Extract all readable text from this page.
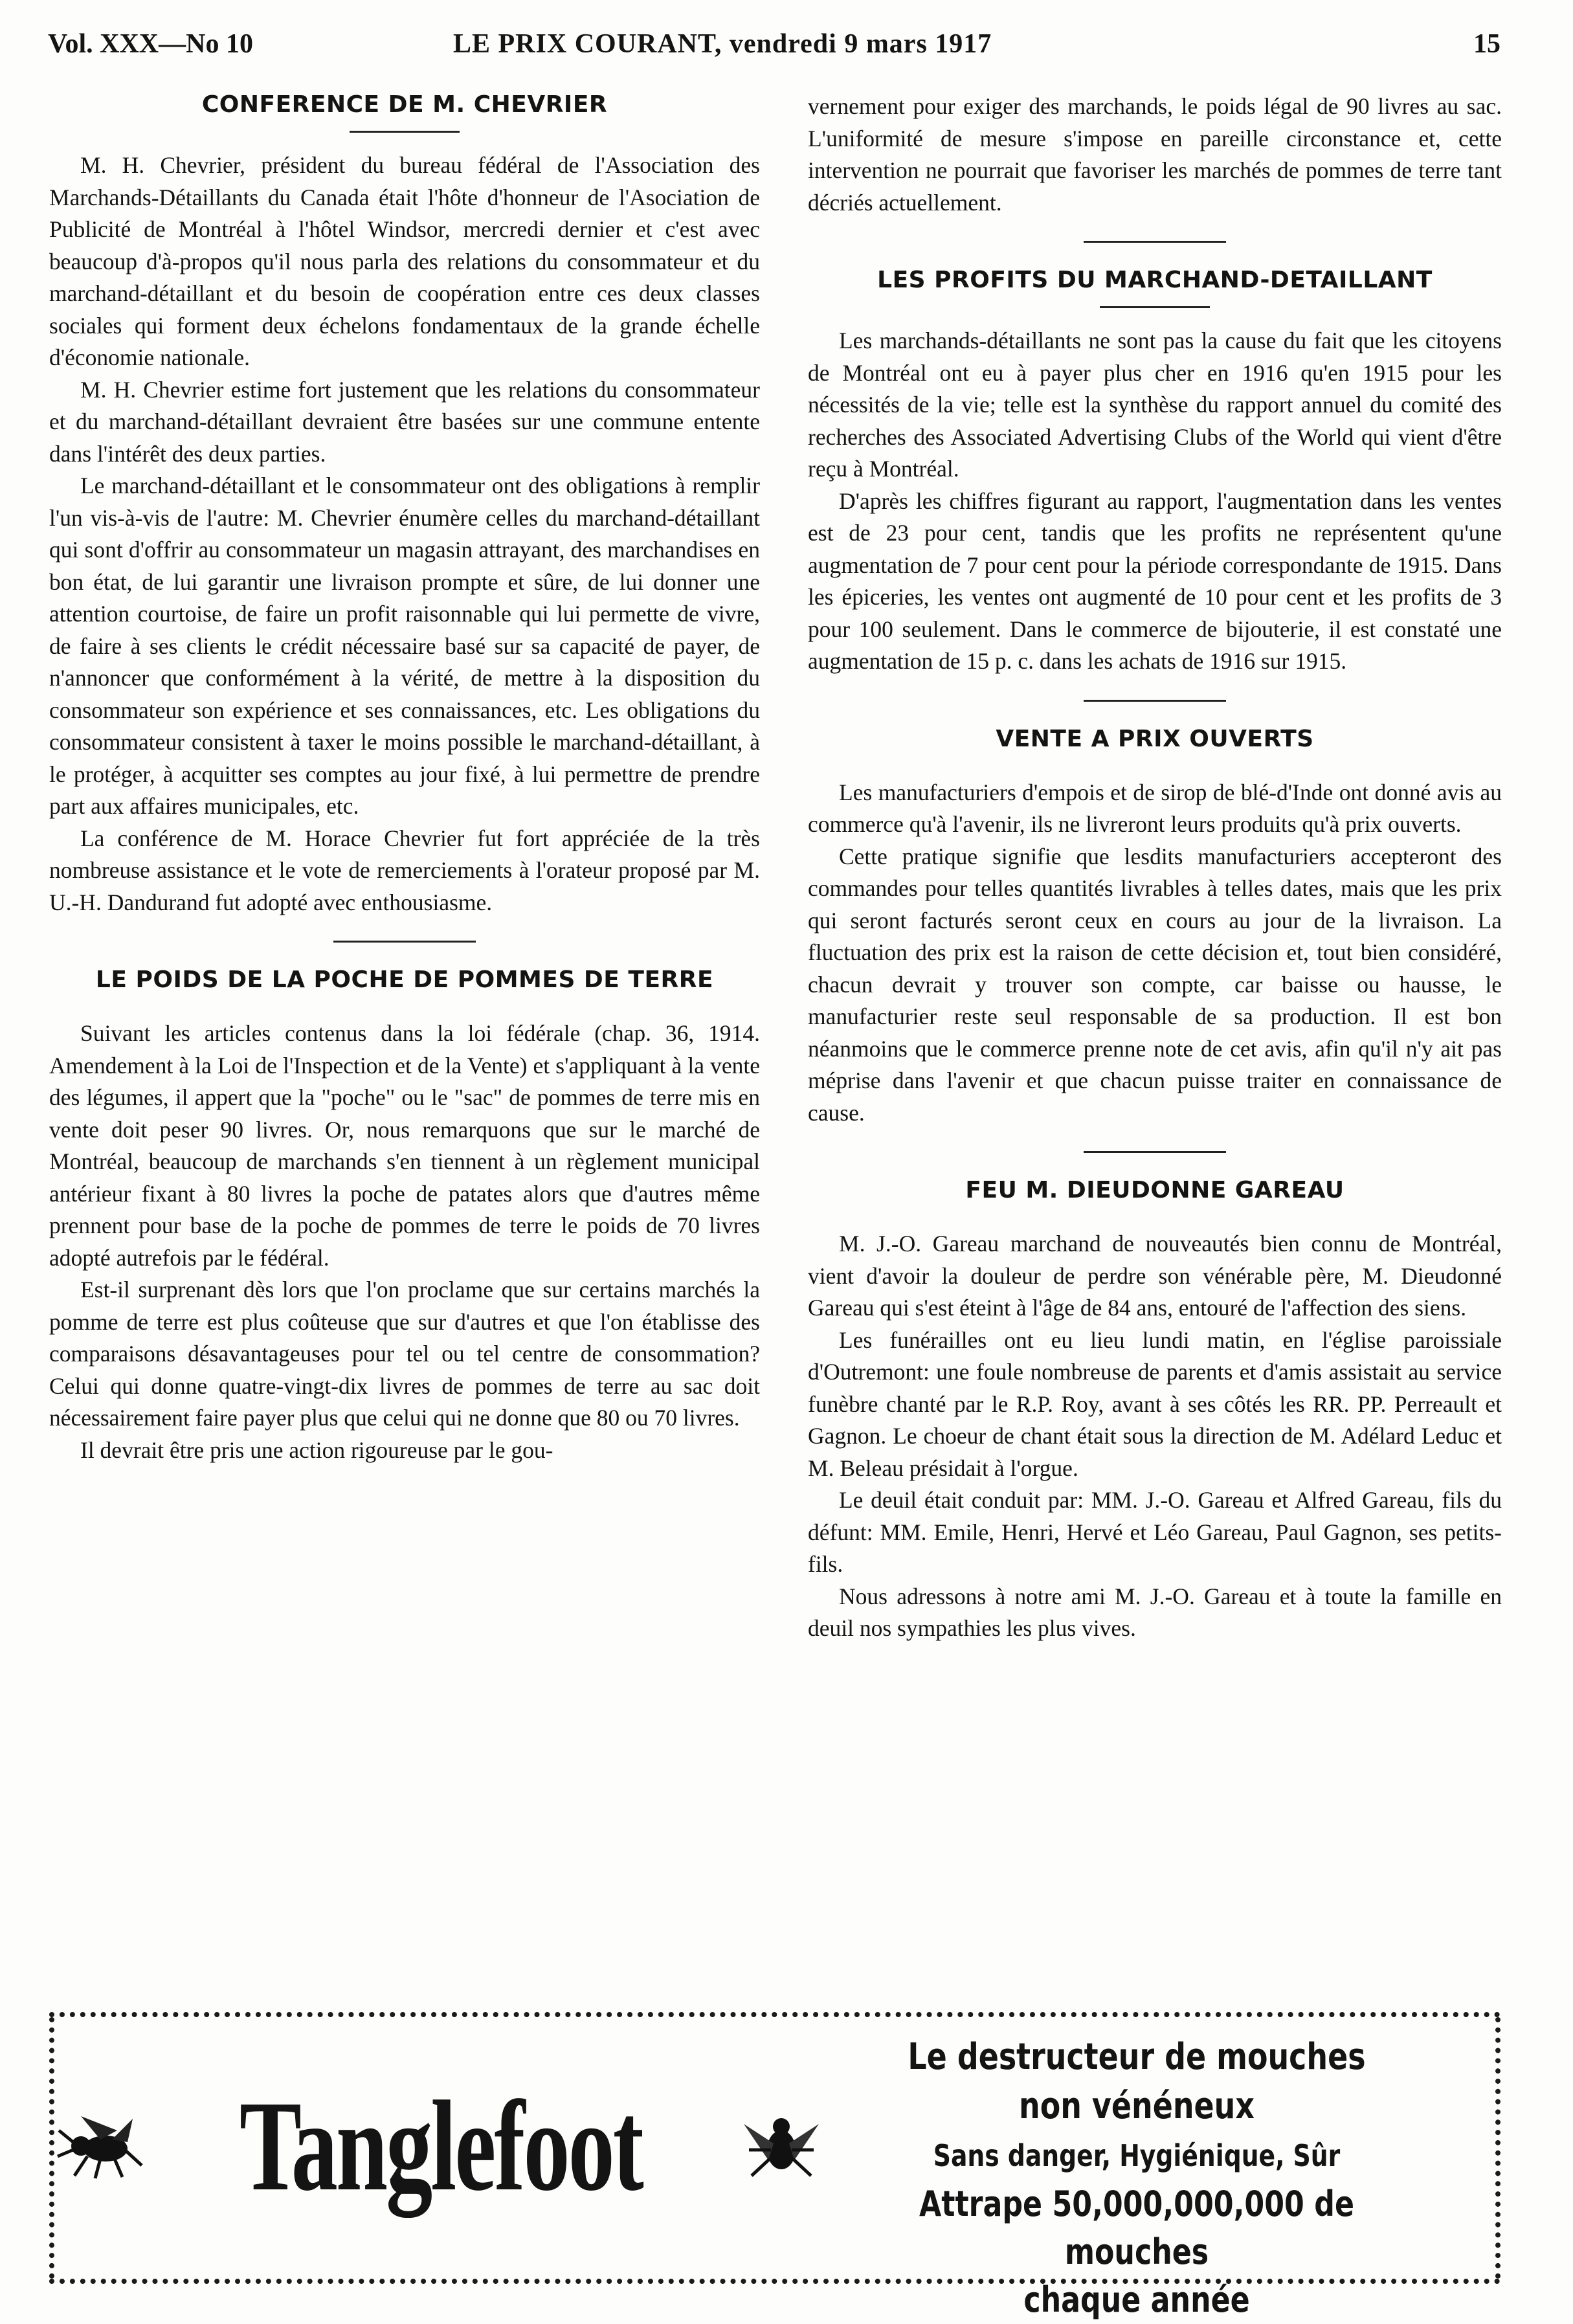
Vol. XXX—No 10	LE PRIX COURANT, vendredi 9 mars 1917	15
CONFERENCE DE M. CHEVRIER

M. H. Chevrier, président du bureau fédéral de l'Association des Marchands-Détaillants du Canada était l'hôte d'honneur de l'Asociation de Publicité de Montréal à l'hôtel Windsor, mercredi dernier et c'est avec beaucoup d'à-propos qu'il nous parla des relations du consommateur et du marchand-détaillant et du besoin de coopération entre ces deux classes sociales qui forment deux échelons fondamentaux de la grande échelle d'économie nationale.

M. H. Chevrier estime fort justement que les relations du consommateur et du marchand-détaillant devraient être basées sur une commune entente dans l'intérêt des deux parties.

Le marchand-détaillant et le consommateur ont des obligations à remplir l'un vis-à-vis de l'autre: M. Chevrier énumère celles du marchand-détaillant qui sont d'offrir au consommateur un magasin attrayant, des marchandises en bon état, de lui garantir une livraison prompte et sûre, de lui donner une attention courtoise, de faire un profit raisonnable qui lui permette de vivre, de faire à ses clients le crédit nécessaire basé sur sa capacité de payer, de n'annoncer que conformément à la vérité, de mettre à la disposition du consommateur son expérience et ses connaissances, etc. Les obligations du consommateur consistent à taxer le moins possible le marchand-détaillant, à le protéger, à acquitter ses comptes au jour fixé, à lui permettre de prendre part aux affaires municipales, etc.

La conférence de M. Horace Chevrier fut fort appréciée de la très nombreuse assistance et le vote de remerciements à l'orateur proposé par M. U.-H. Dandurand fut adopté avec enthousiasme.

LE POIDS DE LA POCHE DE POMMES DE TERRE

Suivant les articles contenus dans la loi fédérale (chap. 36, 1914. Amendement à la Loi de l'Inspection et de la Vente) et s'appliquant à la vente des légumes, il appert que la "poche" ou le "sac" de pommes de terre mis en vente doit peser 90 livres. Or, nous remarquons que sur le marché de Montréal, beaucoup de marchands s'en tiennent à un règlement municipal antérieur fixant à 80 livres la poche de patates alors que d'autres même prennent pour base de la poche de pommes de terre le poids de 70 livres adopté autrefois par le fédéral.

Est-il surprenant dès lors que l'on proclame que sur certains marchés la pomme de terre est plus coûteuse que sur d'autres et que l'on établisse des comparaisons désavantageuses pour tel ou tel centre de consommation? Celui qui donne quatre-vingt-dix livres de pommes de terre au sac doit nécessairement faire payer plus que celui qui ne donne que 80 ou 70 livres.

Il devrait être pris une action rigoureuse par le gou-

vernement pour exiger des marchands, le poids légal de 90 livres au sac. L'uniformité de mesure s'impose en pareille circonstance et, cette intervention ne pourrait que favoriser les marchés de pommes de terre tant décriés actuellement.

LES PROFITS DU MARCHAND-DETAILLANT

Les marchands-détaillants ne sont pas la cause du fait que les citoyens de Montréal ont eu à payer plus cher en 1916 qu'en 1915 pour les nécessités de la vie; telle est la synthèse du rapport annuel du comité des recherches des Associated Advertising Clubs of the World qui vient d'être reçu à Montréal.

D'après les chiffres figurant au rapport, l'augmentation dans les ventes est de 23 pour cent, tandis que les profits ne représentent qu'une augmentation de 7 pour cent pour la période correspondante de 1915. Dans les épiceries, les ventes ont augmenté de 10 pour cent et les profits de 3 pour 100 seulement. Dans le commerce de bijouterie, il est constaté une augmentation de 15 p. c. dans les achats de 1916 sur 1915.

VENTE A PRIX OUVERTS

Les manufacturiers d'empois et de sirop de blé-d'Inde ont donné avis au commerce qu'à l'avenir, ils ne livreront leurs produits qu'à prix ouverts.

Cette pratique signifie que lesdits manufacturiers accepteront des commandes pour telles quantités livrables à telles dates, mais que les prix qui seront facturés seront ceux en cours au jour de la livraison. La fluctuation des prix est la raison de cette décision et, tout bien considéré, chacun devrait y trouver son compte, car baisse ou hausse, le manufacturier reste seul responsable de sa production. Il est bon néanmoins que le commerce prenne note de cet avis, afin qu'il n'y ait pas méprise dans l'avenir et que chacun puisse traiter en connaissance de cause.

FEU M. DIEUDONNE GAREAU

M. J.-O. Gareau marchand de nouveautés bien connu de Montréal, vient d'avoir la douleur de perdre son vénérable père, M. Dieudonné Gareau qui s'est éteint à l'âge de 84 ans, entouré de l'affection des siens.

Les funérailles ont eu lieu lundi matin, en l'église paroissiale d'Outremont: une foule nombreuse de parents et d'amis assistait au service funèbre chanté par le R.P. Roy, avant à ses côtés les RR. PP. Perreault et Gagnon. Le choeur de chant était sous la direction de M. Adélard Leduc et M. Beleau présidait à l'orgue.

Le deuil était conduit par: MM. J.-O. Gareau et Alfred Gareau, fils du défunt: MM. Emile, Henri, Hervé et Léo Gareau, Paul Gagnon, ses petits-fils.

Nous adressons à notre ami M. J.-O. Gareau et à toute la famille en deuil nos sympathies les plus vives.

Tanglefoot
Le destructeur de mouches non vénéneux
Sans danger, Hygiénique, Sûr
Attrape 50,000,000,000 de mouches
chaque année
